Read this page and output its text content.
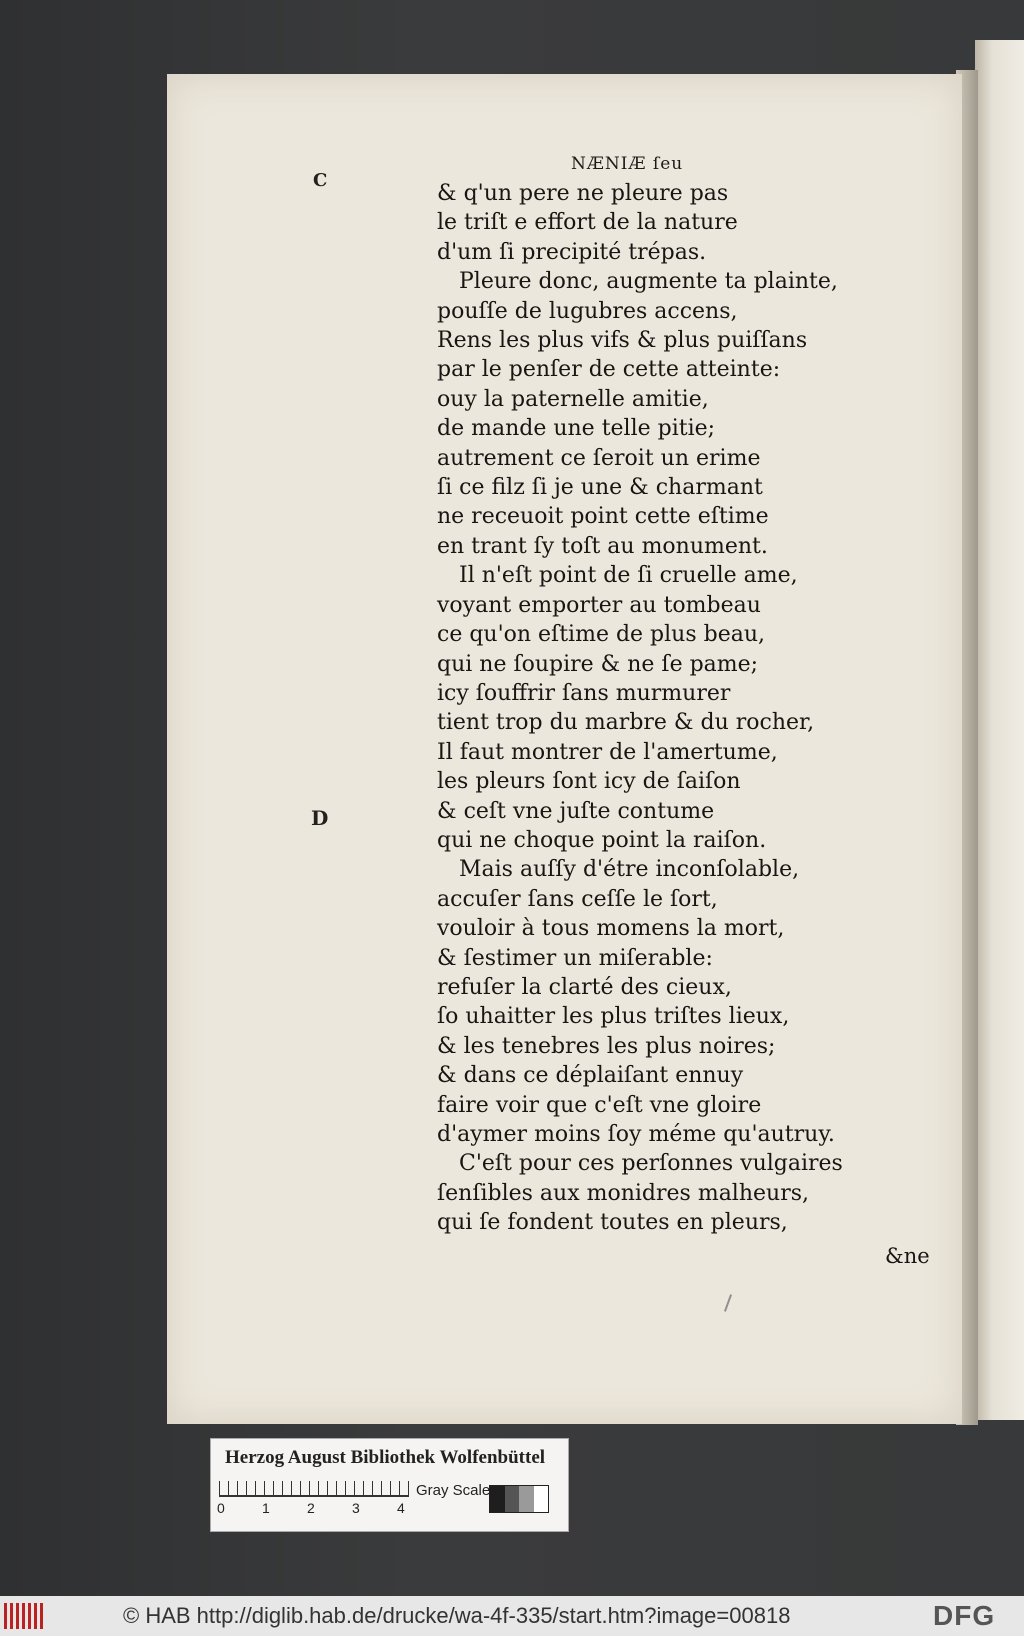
C
D
NÆNIÆ ſeu
& q'un pere ne pleure pas
le triſt e effort de la nature
d'um ſi precipité trépas.
Pleure donc, augmente ta plainte,
pouſſe de lugubres accens,
Rens les plus vifs & plus puiſſans
par le penſer de cette atteinte:
ouy la paternelle amitie,
de mande une telle pitie;
autrement ce ſeroit un erime
ſi ce filz ſi je une & charmant
ne receuoit point cette eſtime
en trant ſy toſt au monument.
Il n'eſt point de ſi cruelle ame,
voyant emporter au tombeau
ce qu'on eſtime de plus beau,
qui ne ſoupire & ne ſe pame;
icy ſouffrir ſans murmurer
tient trop du marbre & du rocher,
Il faut montrer de l'amertume,
les pleurs ſont icy de ſaiſon
& ceſt vne juſte contume
qui ne choque point la raiſon.
Mais auſſy d'étre inconſolable,
accuſer ſans ceſſe le ſort,
vouloir à tous momens la mort,
& ſestimer un miſerable:
refuſer la clarté des cieux,
ſo uhaitter les plus triſtes lieux,
& les tenebres les plus noires;
& dans ce déplaiſant ennuy
faire voir que c'eſt vne gloire
d'aymer moins ſoy méme qu'autruy.
C'eſt pour ces perſonnes vulgaires
ſenſibles aux monidres malheurs,
qui ſe fondent toutes en pleurs,
&ne
Herzog August Bibliothek Wolfenbüttel
0	1	2	3	4
Gray Scale
© HAB http://diglib.hab.de/drucke/wa-4f-335/start.htm?image=00818	DFG
